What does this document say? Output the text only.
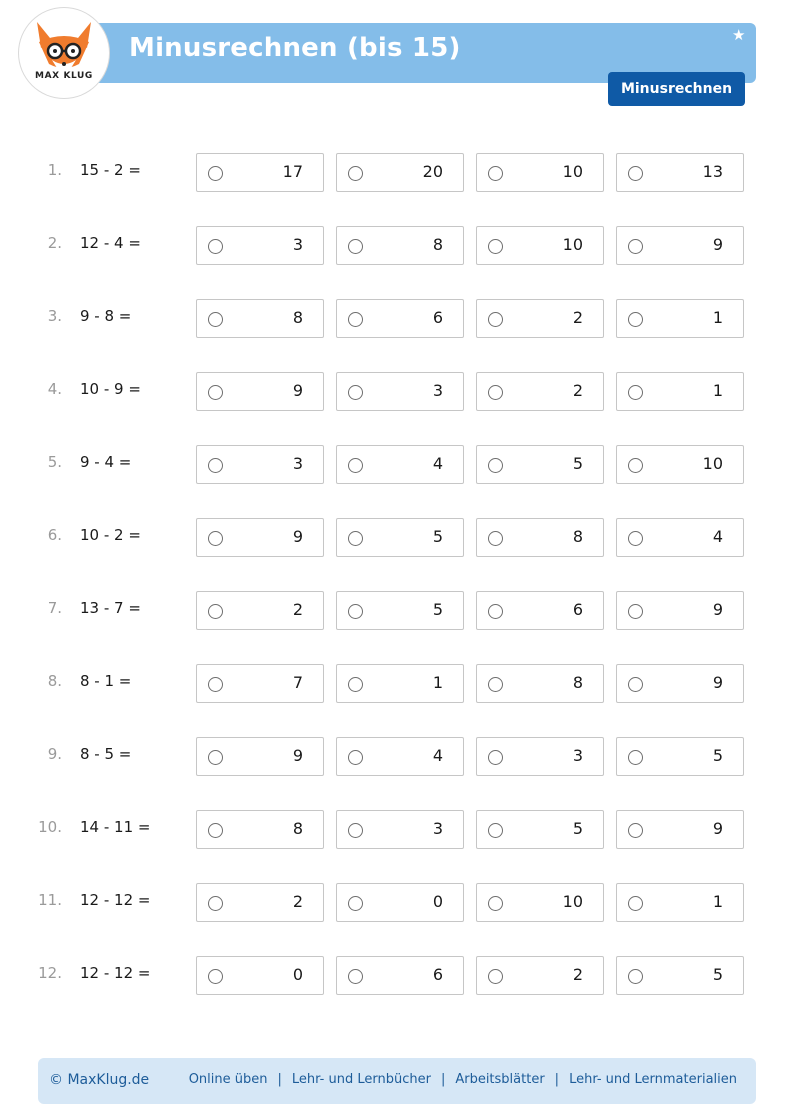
Minusrechnen (bis 15)	★
MAX KLUG
Minusrechnen
1. 15 - 2 =	17	20	10	13
2. 12 - 4 =	3	8	10	9
3. 9 - 8 =	8	6	2	1
4. 10 - 9 =	9	3	2	1
5. 9 - 4 =	3	4	5	10
6. 10 - 2 =	9	5	8	4
7. 13 - 7 =	2	5	6	9
8. 8 - 1 =	7	1	8	9
9. 8 - 5 =	9	4	3	5
10. 14 - 11 =	8	3	5	9
11. 12 - 12 =	2	0	10	1
12. 12 - 12 =	0	6	2	5
© MaxKlug.de	Online üben | Lehr- und Lernbücher | Arbeitsblätter | Lehr- und Lernmaterialien
